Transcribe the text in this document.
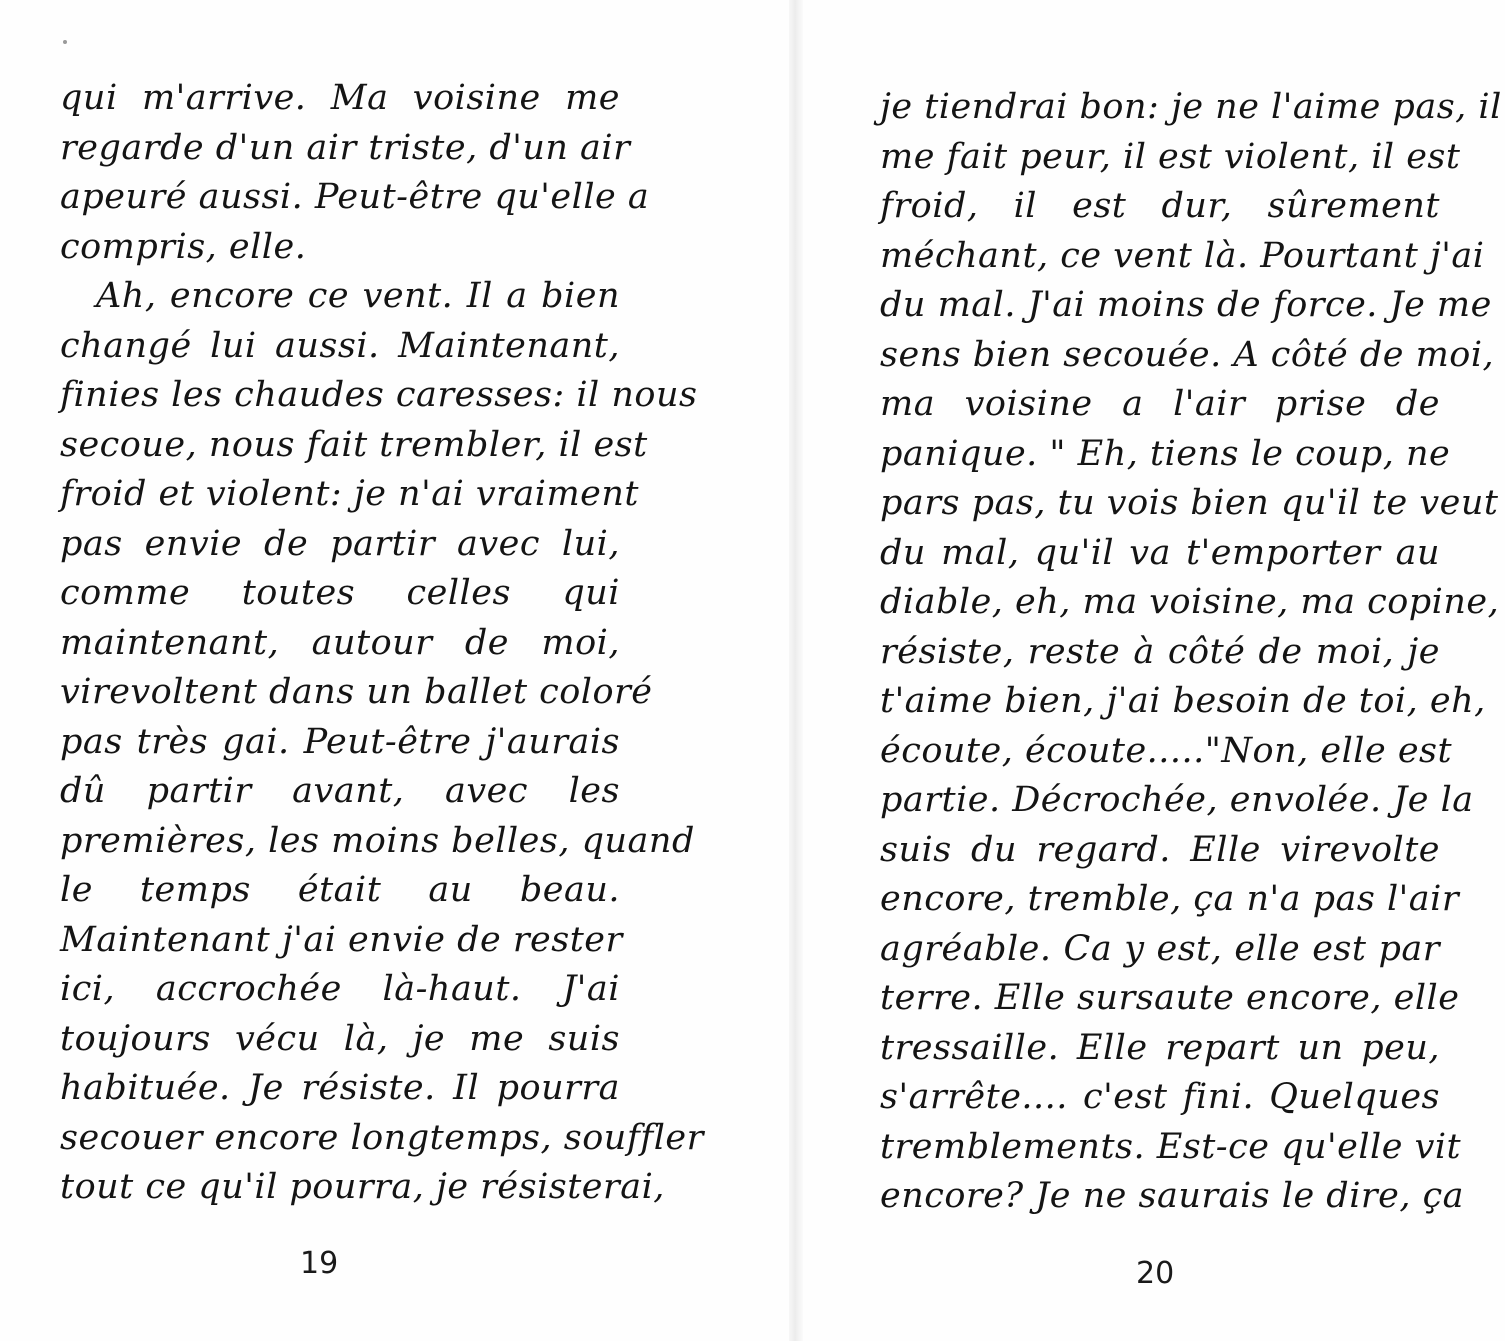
qui m'arrive. Ma voisine me
regarde d'un air triste, d'un air
apeuré aussi. Peut-être qu'elle a
compris, elle.
Ah, encore ce vent. Il a bien
changé lui aussi. Maintenant,
finies les chaudes caresses: il nous
secoue, nous fait trembler, il est
froid et violent: je n'ai vraiment
pas envie de partir avec lui,
comme toutes celles qui
maintenant, autour de moi,
virevoltent dans un ballet coloré
pas très gai. Peut-être j'aurais
dû partir avant, avec les
premières, les moins belles, quand
le temps était au beau.
Maintenant j'ai envie de rester
ici, accrochée là-haut. J'ai
toujours vécu là, je me suis
habituée. Je résiste. Il pourra
secouer encore longtemps, souffler
tout ce qu'il pourra, je résisterai,
19
je tiendrai bon: je ne l'aime pas, il
me fait peur, il est violent, il est
froid, il est dur, sûrement
méchant, ce vent là. Pourtant j'ai
du mal. J'ai moins de force. Je me
sens bien secouée. A côté de moi,
ma voisine a l'air prise de
panique. " Eh, tiens le coup, ne
pars pas, tu vois bien qu'il te veut
du mal, qu'il va t'emporter au
diable, eh, ma voisine, ma copine,
résiste, reste à côté de moi, je
t'aime bien, j'ai besoin de toi, eh,
écoute, écoute....."Non, elle est
partie. Décrochée, envolée. Je la
suis du regard. Elle virevolte
encore, tremble, ça n'a pas l'air
agréable. Ca y est, elle est par
terre. Elle sursaute encore, elle
tressaille. Elle repart un peu,
s'arrête.... c'est fini. Quelques
tremblements. Est-ce qu'elle vit
encore? Je ne saurais le dire, ça
20
